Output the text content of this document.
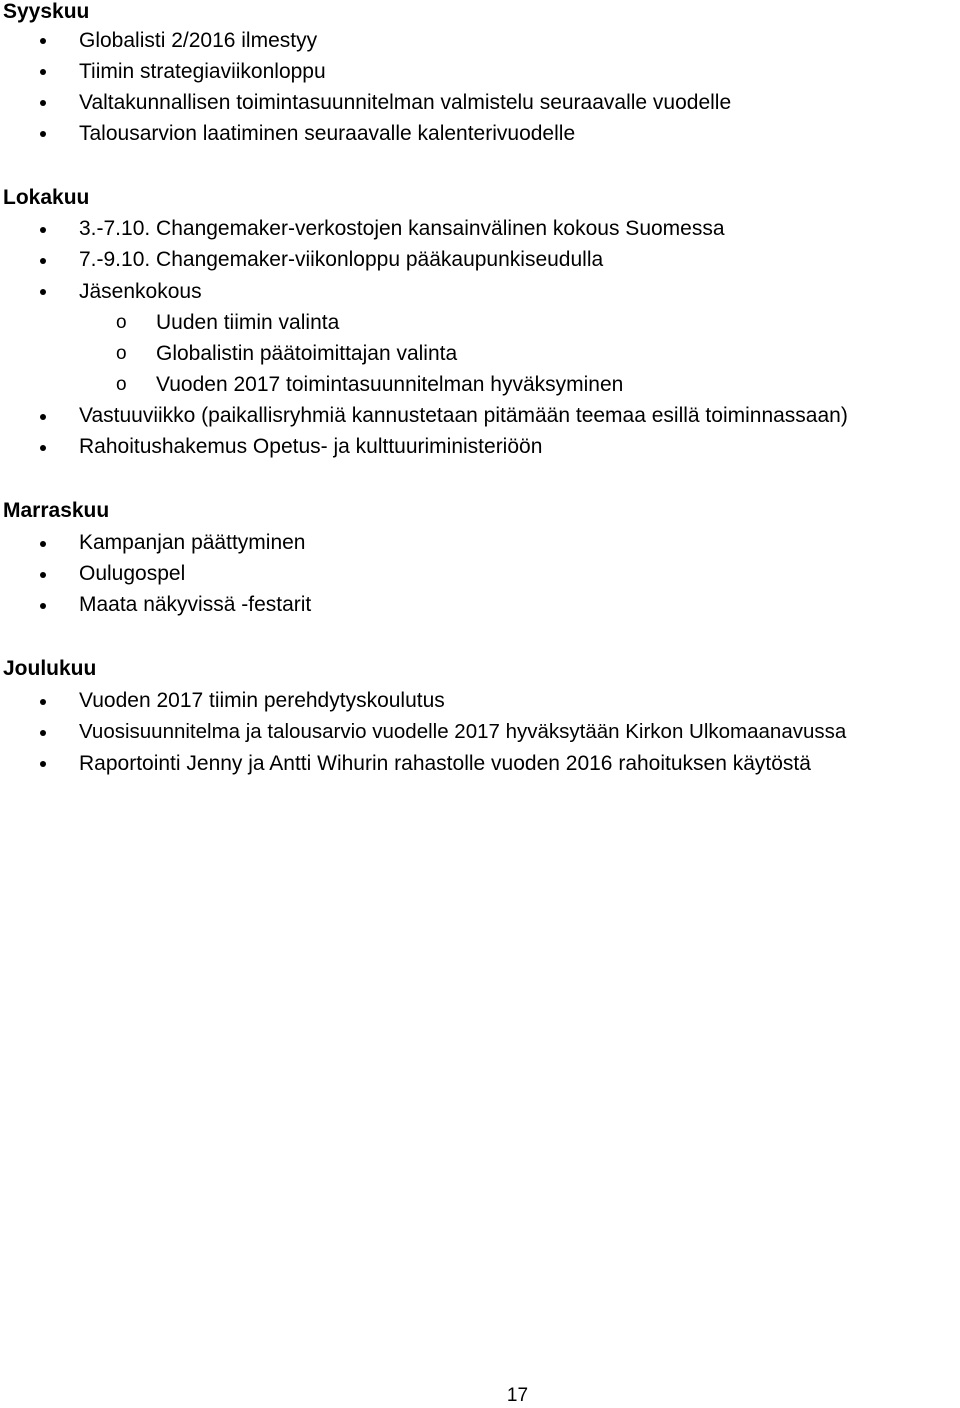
Syyskuu
Globalisti 2/2016 ilmestyy
Tiimin strategiaviikonloppu
Valtakunnallisen toimintasuunnitelman valmistelu seuraavalle vuodelle
Talousarvion laatiminen seuraavalle kalenterivuodelle
Lokakuu
3.-7.10. Changemaker-verkostojen kansainvälinen kokous Suomessa
7.-9.10. Changemaker-viikonloppu pääkaupunkiseudulla
Jäsenkokous
o Uuden tiimin valinta
o Globalistin päätoimittajan valinta
o Vuoden 2017 toimintasuunnitelman hyväksyminen
Vastuuviikko (paikallisryhmiä kannustetaan pitämään teemaa esillä toiminnassaan)
Rahoitushakemus Opetus- ja kulttuuriministeriöön
Marraskuu
Kampanjan päättyminen
Oulugospel
Maata näkyvissä -festarit
Joulukuu
Vuoden 2017 tiimin perehdytyskoulutus
Vuosisuunnitelma ja talousarvio vuodelle 2017 hyväksytään Kirkon Ulkomaanavussa
Raportointi Jenny ja Antti Wihurin rahastolle vuoden 2016 rahoituksen käytöstä
17
